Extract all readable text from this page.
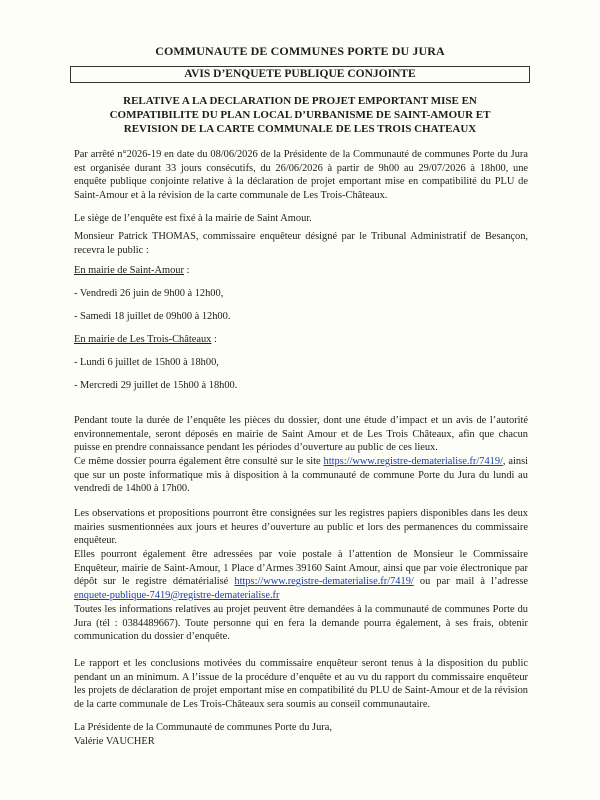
COMMUNAUTE DE COMMUNES PORTE DU JURA
AVIS D’ENQUETE PUBLIQUE CONJOINTE
RELATIVE A LA DECLARATION DE PROJET EMPORTANT MISE EN
COMPATIBILITE DU PLAN LOCAL D’URBANISME DE SAINT-AMOUR ET
REVISION DE LA CARTE COMMUNALE DE LES TROIS CHATEAUX
Par arrêté n°2026-19 en date du 08/06/2026 de la Présidente de la Communauté de communes Porte du Jura est organisée durant 33 jours consécutifs, du 26/06/2026 à partir de 9h00 au 29/07/2026 à 18h00, une enquête publique conjointe relative à la déclaration de projet emportant mise en compatibilité du PLU de Saint-Amour et à la révision de la carte communale de Les Trois-Châteaux.
Le siège de l’enquête est fixé à la mairie de Saint Amour.
Monsieur Patrick THOMAS, commissaire enquêteur désigné par le Tribunal Administratif de Besançon, recevra le public :
En mairie de Saint-Amour :
- Vendredi 26 juin de 9h00 à 12h00,
- Samedi 18 juillet de 09h00 à 12h00.
En mairie de Les Trois-Châteaux :
- Lundi 6 juillet de 15h00 à 18h00,
- Mercredi 29 juillet de 15h00 à 18h00.
Pendant toute la durée de l’enquête les pièces du dossier, dont une étude d’impact et un avis de l’autorité environnementale, seront déposés en mairie de Saint Amour et de Les Trois Châteaux, afin que chacun puisse en prendre connaissance pendant les périodes d’ouverture au public de ces lieux.
Ce même dossier pourra également être consulté sur le site https://www.registre-dematerialise.fr/7419/, ainsi que sur un poste informatique mis à disposition à la communauté de commune Porte du Jura du lundi au vendredi de 14h00 à 17h00.
Les observations et propositions pourront être consignées sur les registres papiers disponibles dans les deux mairies susmentionnées aux jours et heures d’ouverture au public et lors des permanences du commissaire enquêteur.
Elles pourront également être adressées par voie postale à l’attention de Monsieur le Commissaire Enquêteur, mairie de Saint-Amour, 1 Place d’Armes 39160 Saint Amour, ainsi que par voie électronique par dépôt sur le registre dématérialisé https://www.registre-dematerialise.fr/7419/ ou par mail à l’adresse enquete-publique-7419@registre-dematerialise.fr
Toutes les informations relatives au projet peuvent être demandées à la communauté de communes Porte du Jura (tél : 0384489667). Toute personne qui en fera la demande pourra également, à ses frais, obtenir communication du dossier d’enquête.
Le rapport et les conclusions motivées du commissaire enquêteur seront tenus à la disposition du public pendant un an minimum. A l’issue de la procédure d’enquête et au vu du rapport du commissaire enquêteur les projets de déclaration de projet emportant mise en compatibilité du PLU de Saint-Amour et de la révision de la carte communale de Les Trois-Châteaux sera soumis au conseil communautaire.
La Présidente de la Communauté de communes Porte du Jura,
Valérie VAUCHER
